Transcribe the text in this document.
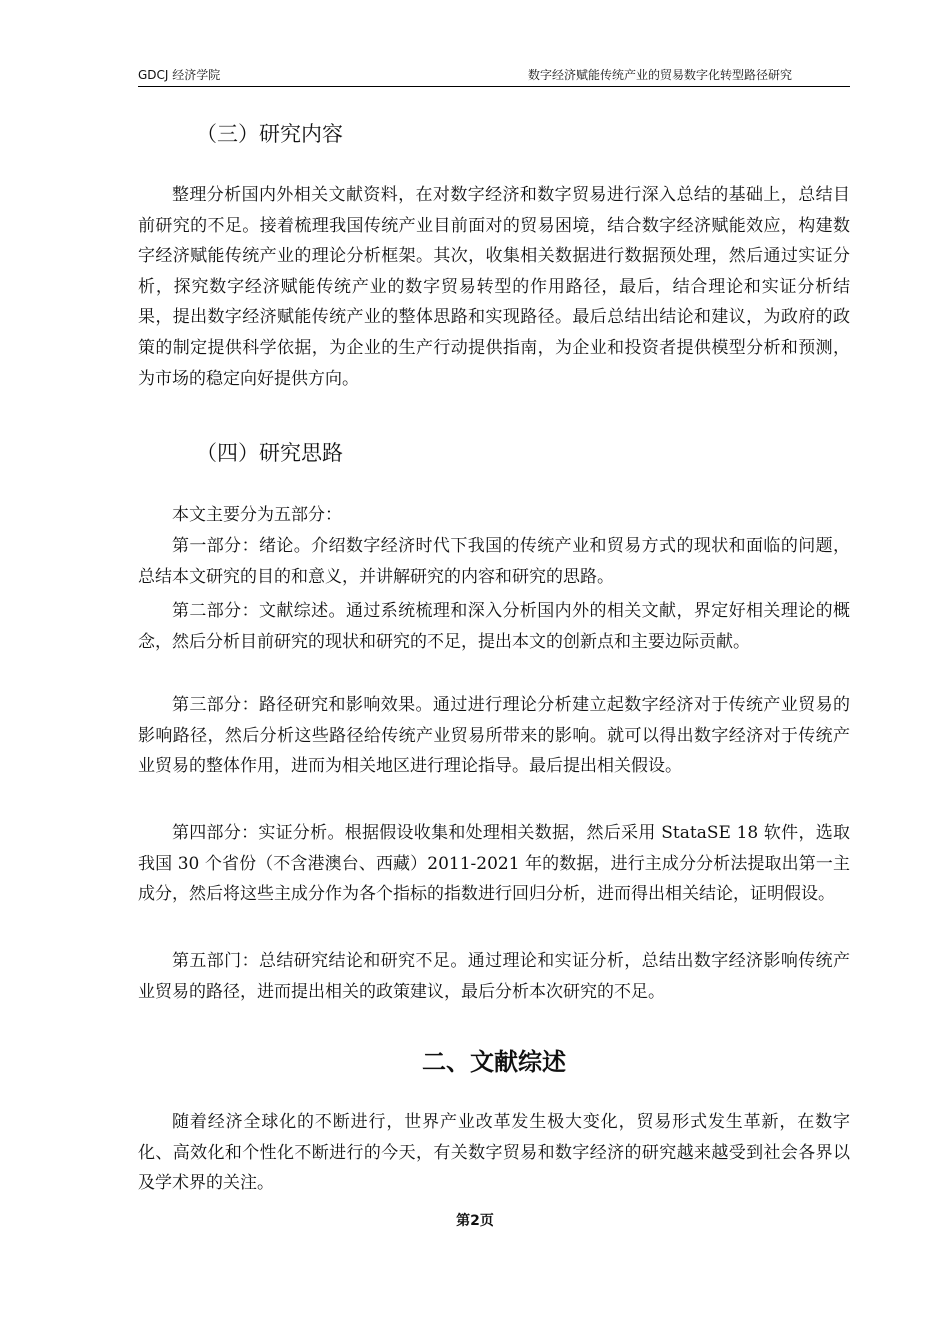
GDCJ 经济学院	数字经济赋能传统产业的贸易数字化转型路径研究
（三）研究内容

整理分析国内外相关文献资料，在对数字经济和数字贸易进行深入总结的基础上，总结目前研究的不足。接着梳理我国传统产业目前面对的贸易困境，结合数字经济赋能效应，构建数字经济赋能传统产业的理论分析框架。其次，收集相关数据进行数据预处理，然后通过实证分析，探究数字经济赋能传统产业的数字贸易转型的作用路径，最后，结合理论和实证分析结果，提出数字经济赋能传统产业的整体思路和实现路径。最后总结出结论和建议，为政府的政策的制定提供科学依据，为企业的生产行动提供指南，为企业和投资者提供模型分析和预测，为市场的稳定向好提供方向。

（四）研究思路

本文主要分为五部分：

第一部分：绪论。介绍数字经济时代下我国的传统产业和贸易方式的现状和面临的问题，总结本文研究的目的和意义，并讲解研究的内容和研究的思路。

第二部分：文献综述。通过系统梳理和深入分析国内外的相关文献，界定好相关理论的概念，然后分析目前研究的现状和研究的不足，提出本文的创新点和主要边际贡献。

第三部分：路径研究和影响效果。通过进行理论分析建立起数字经济对于传统产业贸易的影响路径，然后分析这些路径给传统产业贸易所带来的影响。就可以得出数字经济对于传统产业贸易的整体作用，进而为相关地区进行理论指导。最后提出相关假设。

第四部分：实证分析。根据假设收集和处理相关数据，然后采用 StataSE 18 软件，选取我国 30 个省份（不含港澳台、西藏）2011-2021 年的数据，进行主成分分析法提取出第一主成分，然后将这些主成分作为各个指标的指数进行回归分析，进而得出相关结论，证明假设。

第五部门：总结研究结论和研究不足。通过理论和实证分析，总结出数字经济影响传统产业贸易的路径，进而提出相关的政策建议，最后分析本次研究的不足。

二、文献综述

随着经济全球化的不断进行，世界产业改革发生极大变化，贸易形式发生革新，在数字化、高效化和个性化不断进行的今天，有关数字贸易和数字经济的研究越来越受到社会各界以及学术界的关注。

第2页
